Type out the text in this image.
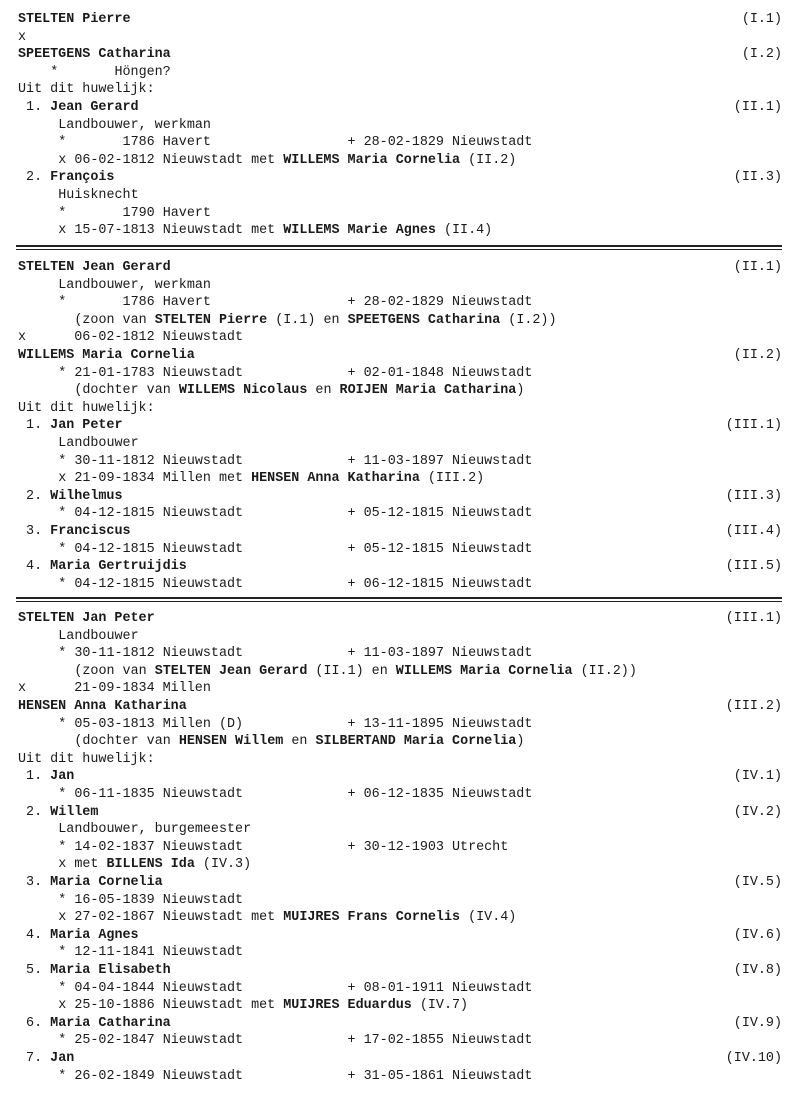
STELTEN Pierre	(I.1)
x
SPEETGENS Catharina	(I.2)
*       Höngen?
Uit dit huwelijk:
1. Jean Gerard	(II.1)
Landbouwer, werkman
*       1786 Havert                 + 28-02-1829 Nieuwstadt
x 06-02-1812 Nieuwstadt met WILLEMS Maria Cornelia (II.2)
2. François	(II.3)
Huisknecht
*       1790 Havert
x 15-07-1813 Nieuwstadt met WILLEMS Marie Agnes (II.4)
STELTEN Jean Gerard	(II.1)
Landbouwer, werkman
*       1786 Havert                 + 28-02-1829 Nieuwstadt
(zoon van STELTEN Pierre (I.1) en SPEETGENS Catharina (I.2))
x      06-02-1812 Nieuwstadt
WILLEMS Maria Cornelia	(II.2)
* 21-01-1783 Nieuwstadt             + 02-01-1848 Nieuwstadt
(dochter van WILLEMS Nicolaus en ROIJEN Maria Catharina)
Uit dit huwelijk:
1. Jan Peter	(III.1)
Landbouwer
* 30-11-1812 Nieuwstadt             + 11-03-1897 Nieuwstadt
x 21-09-1834 Millen met HENSEN Anna Katharina (III.2)
2. Wilhelmus	(III.3)
* 04-12-1815 Nieuwstadt             + 05-12-1815 Nieuwstadt
3. Franciscus	(III.4)
* 04-12-1815 Nieuwstadt             + 05-12-1815 Nieuwstadt
4. Maria Gertruijdis	(III.5)
* 04-12-1815 Nieuwstadt             + 06-12-1815 Nieuwstadt
STELTEN Jan Peter	(III.1)
Landbouwer
* 30-11-1812 Nieuwstadt             + 11-03-1897 Nieuwstadt
(zoon van STELTEN Jean Gerard (II.1) en WILLEMS Maria Cornelia (II.2))
x      21-09-1834 Millen
HENSEN Anna Katharina	(III.2)
* 05-03-1813 Millen (D)             + 13-11-1895 Nieuwstadt
(dochter van HENSEN Willem en SILBERTAND Maria Cornelia)
Uit dit huwelijk:
1. Jan	(IV.1)
* 06-11-1835 Nieuwstadt             + 06-12-1835 Nieuwstadt
2. Willem	(IV.2)
Landbouwer, burgemeester
* 14-02-1837 Nieuwstadt             + 30-12-1903 Utrecht
x met BILLENS Ida (IV.3)
3. Maria Cornelia	(IV.5)
* 16-05-1839 Nieuwstadt
x 27-02-1867 Nieuwstadt met MUIJRES Frans Cornelis (IV.4)
4. Maria Agnes	(IV.6)
* 12-11-1841 Nieuwstadt
5. Maria Elisabeth	(IV.8)
* 04-04-1844 Nieuwstadt             + 08-01-1911 Nieuwstadt
x 25-10-1886 Nieuwstadt met MUIJRES Eduardus (IV.7)
6. Maria Catharina	(IV.9)
* 25-02-1847 Nieuwstadt             + 17-02-1855 Nieuwstadt
7. Jan	(IV.10)
* 26-02-1849 Nieuwstadt             + 31-05-1861 Nieuwstadt
